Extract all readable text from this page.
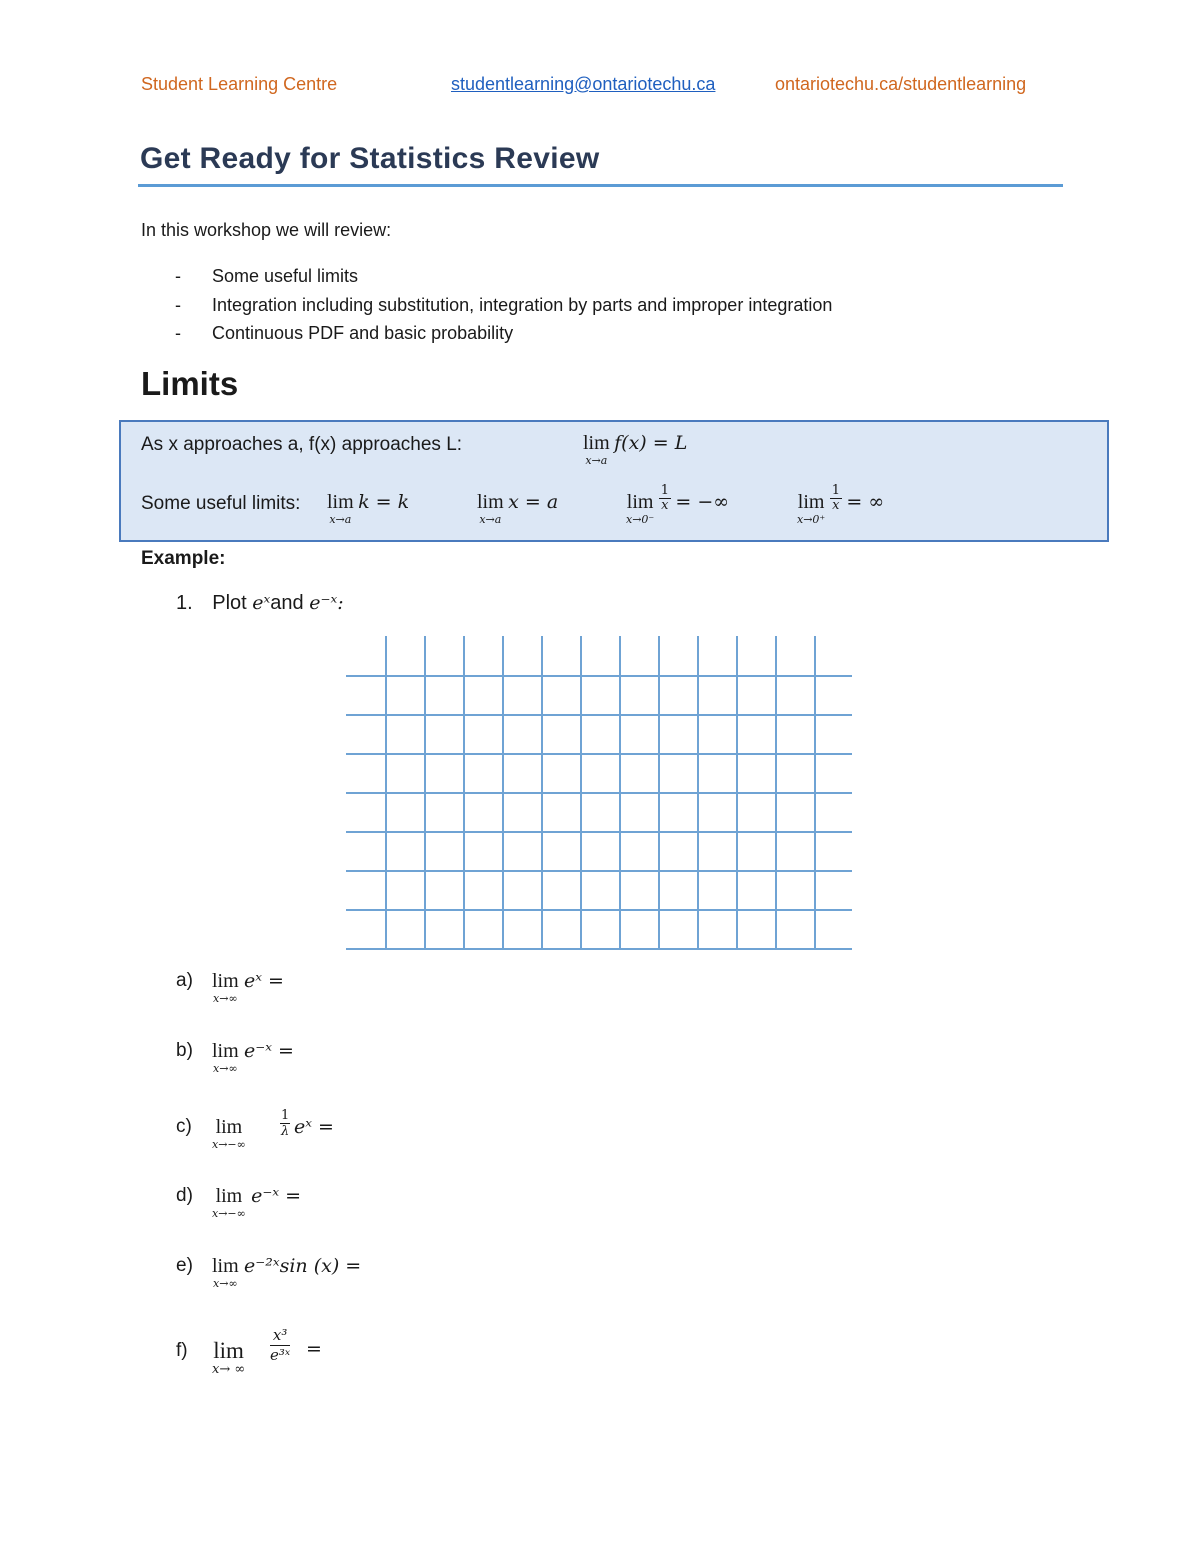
Student Learning Centre	studentlearning@ontariotechu.ca	ontariotechu.ca/studentlearning
Get Ready for Statistics Review
In this workshop we will review:
- Some useful limits
- Integration including substitution, integration by parts and improper integration
- Continuous PDF and basic probability
Limits
As x approaches a, f(x) approaches L:	lim
x→a
f(x) = L
Some useful limits: lim
x→a
k = k	lim
x→a
x = a	lim
x→0⁻

$\frac{1}{x}$ = −∞	lim
x→0⁺

$\frac{1}{x}$ = ∞
Example:
1. Plot eˣand e⁻ˣ:
a) lim
x→∞
eˣ =
b) lim
x→∞
e⁻ˣ =
c) lim
x→−∞
$\frac{1}{\lambda}$ eˣ =
d) lim
x→−∞
e⁻ˣ =
e) lim
x→∞
e⁻²ˣsin (x) =
f) lim
x→ ∞
$\frac{\text{x³}}{\text{e³ˣ}}$ =
